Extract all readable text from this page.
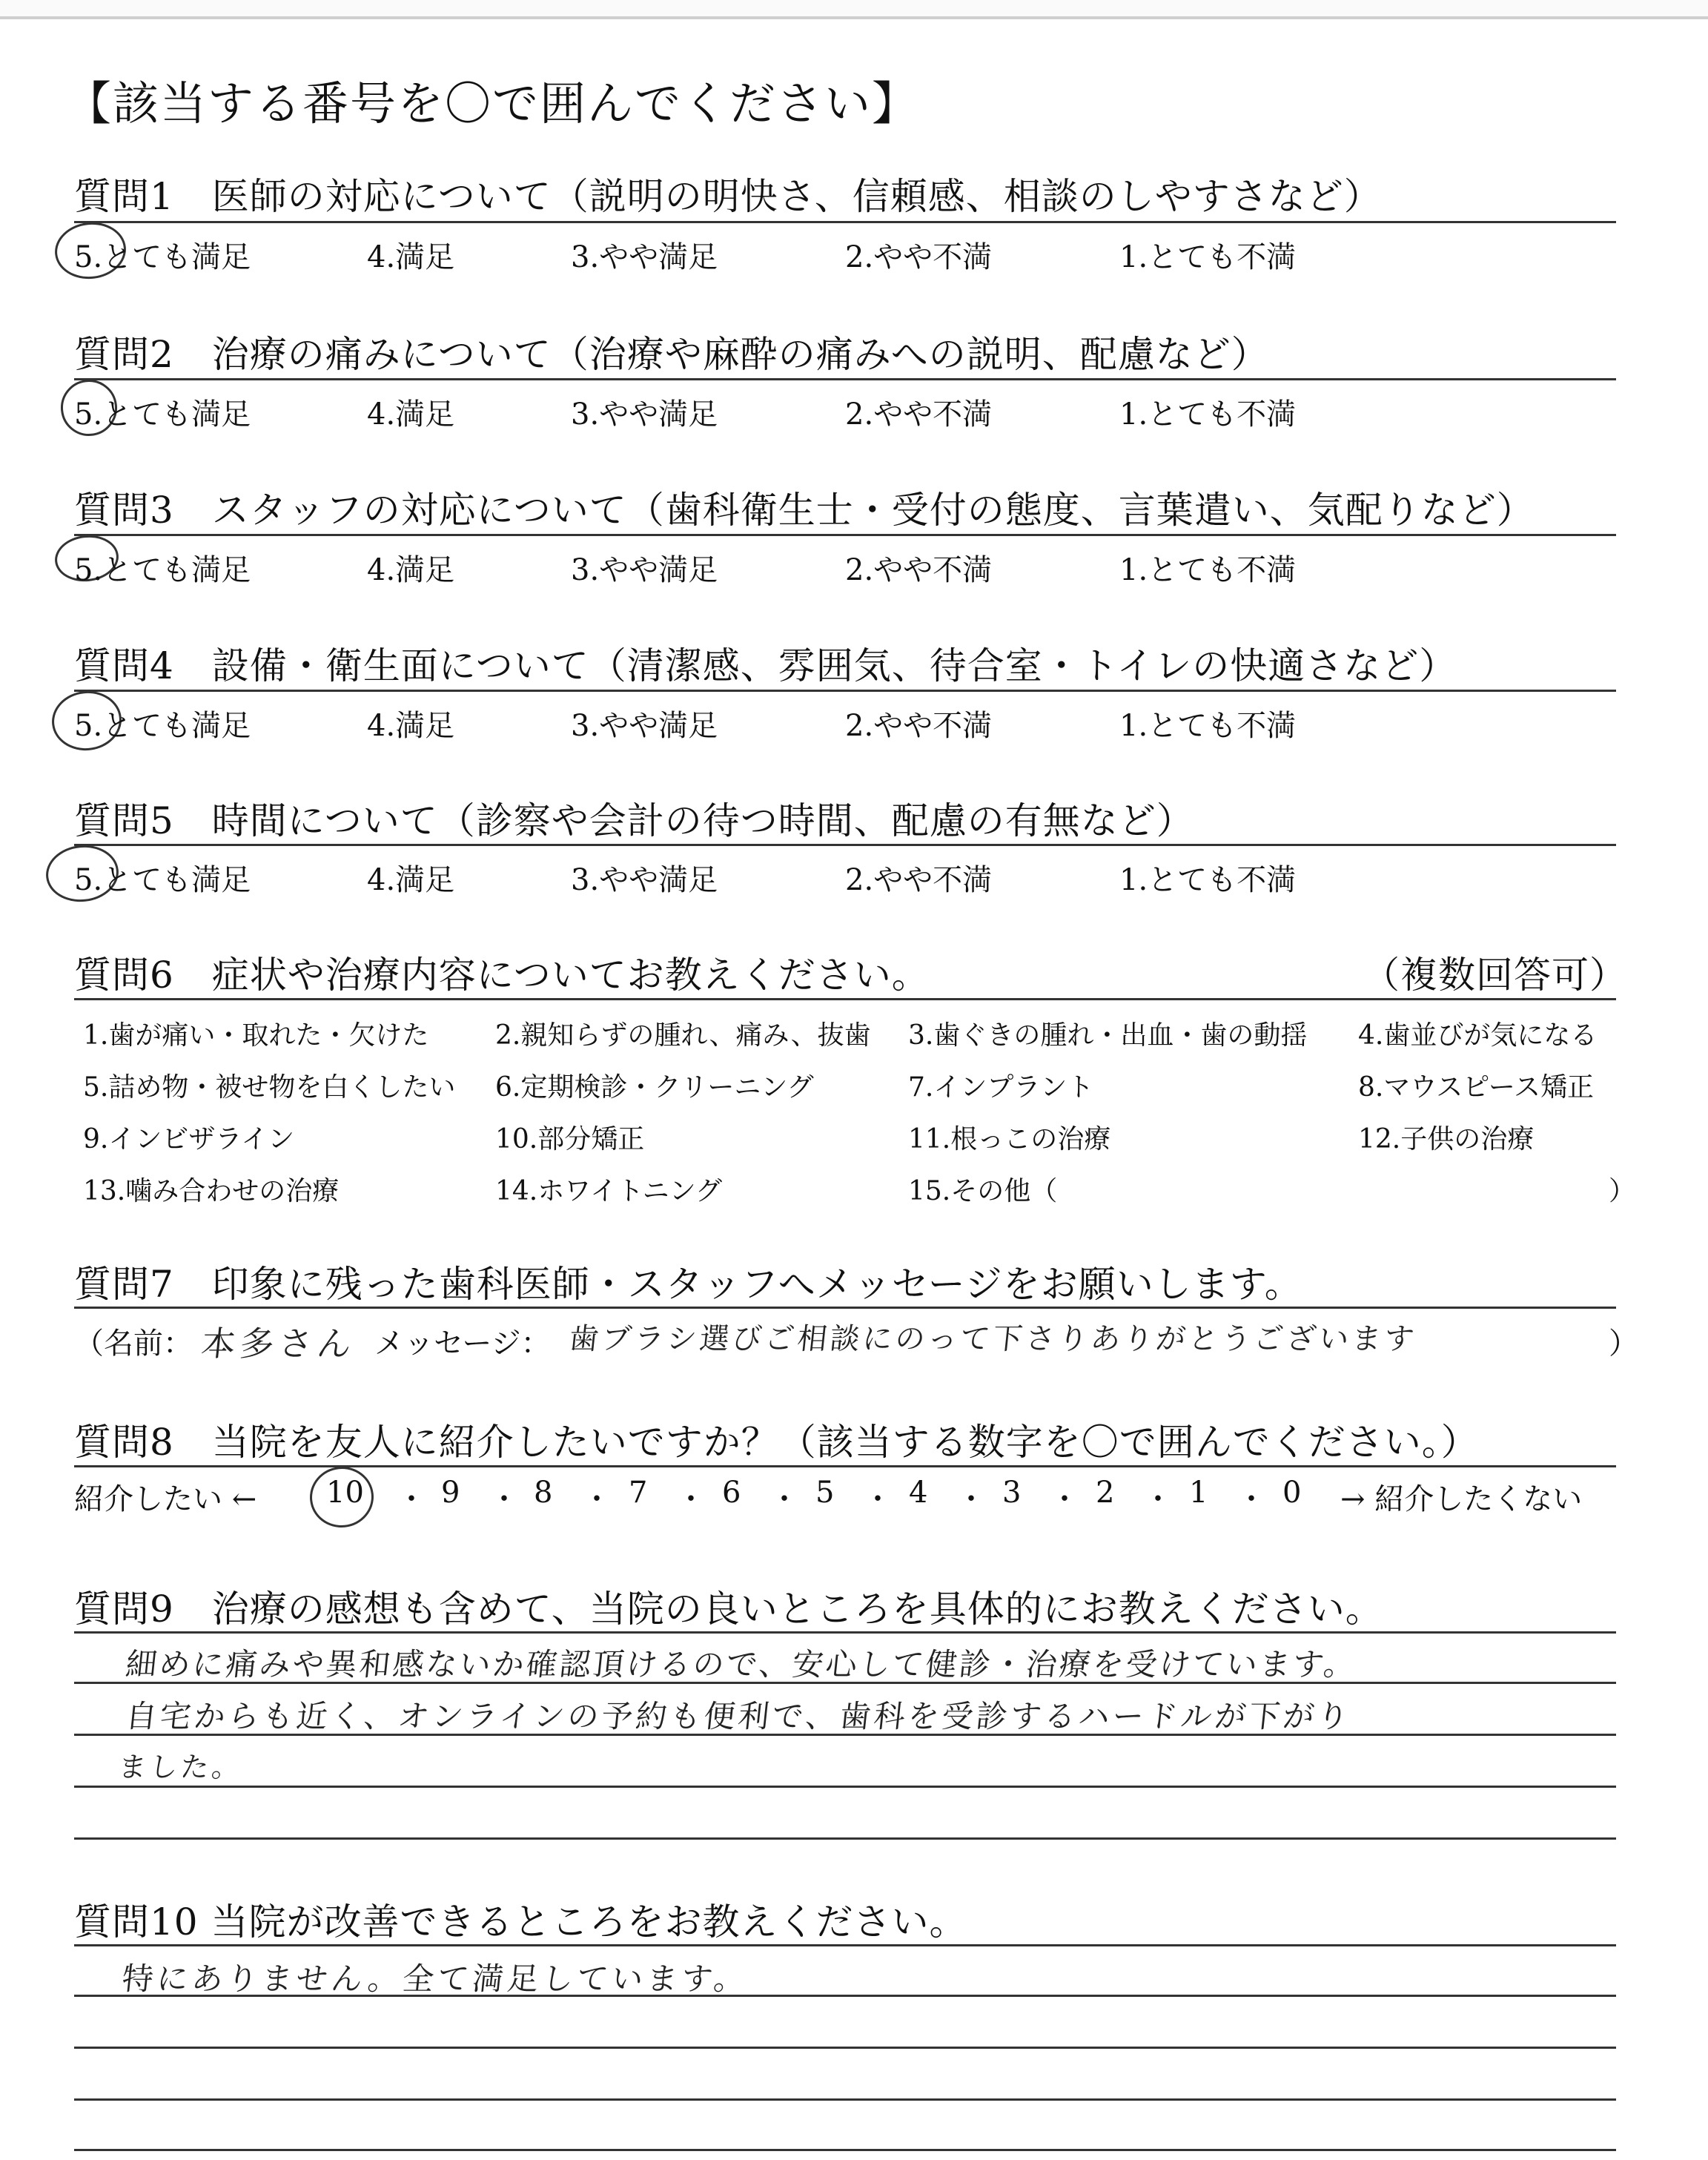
【該当する番号を〇で囲んでください】
質問1　医師の対応について（説明の明快さ、信頼感、相談のしやすさなど）
5.とても満足	4.満足	3.やや満足	2.やや不満	1.とても不満
質問2　治療の痛みについて（治療や麻酔の痛みへの説明、配慮など）
5.とても満足	4.満足	3.やや満足	2.やや不満	1.とても不満
質問3　スタッフの対応について（歯科衛生士・受付の態度、言葉遣い、気配りなど）
5.とても満足	4.満足	3.やや満足	2.やや不満	1.とても不満
質問4　設備・衛生面について（清潔感、雰囲気、待合室・トイレの快適さなど）
5.とても満足	4.満足	3.やや満足	2.やや不満	1.とても不満
質問5　時間について（診察や会計の待つ時間、配慮の有無など）
5.とても満足	4.満足	3.やや満足	2.やや不満	1.とても不満
質問6　症状や治療内容についてお教えください。	（複数回答可）
1.歯が痛い・取れた・欠けた 2.親知らずの腫れ、痛み、抜歯 3.歯ぐきの腫れ・出血・歯の動揺 4.歯並びが気になる
5.詰め物・被せ物を白くしたい 6.定期検診・クリーニング	7.インプラント	8.マウスピース矯正
9.インビザライン	10.部分矯正	11.根っこの治療	12.子供の治療
13.噛み合わせの治療	14.ホワイトニング	15.その他（	）
質問7　印象に残った歯科医師・スタッフへメッセージをお願いします。
（名前： 本多さん メッセージ： 歯ブラシ選びご相談にのって下さりありがとうございます	）
質問8　当院を友人に紹介したいですか？（該当する数字を〇で囲んでください。）
紹介したい ← 10 ・ 9 ・ 8 ・ 7 ・ 6 ・ 5 ・ 4 ・ 3 ・ 2 ・ 1 ・ 0 → 紹介したくない
質問9　治療の感想も含めて、当院の良いところを具体的にお教えください。
細めに痛みや異和感ないか確認頂けるので、安心して健診・治療を受けています。
自宅からも近く、オンラインの予約も便利で、歯科を受診するハードルが下がり
ました。
質問10 当院が改善できるところをお教えください。
特にありません。全て満足しています。
